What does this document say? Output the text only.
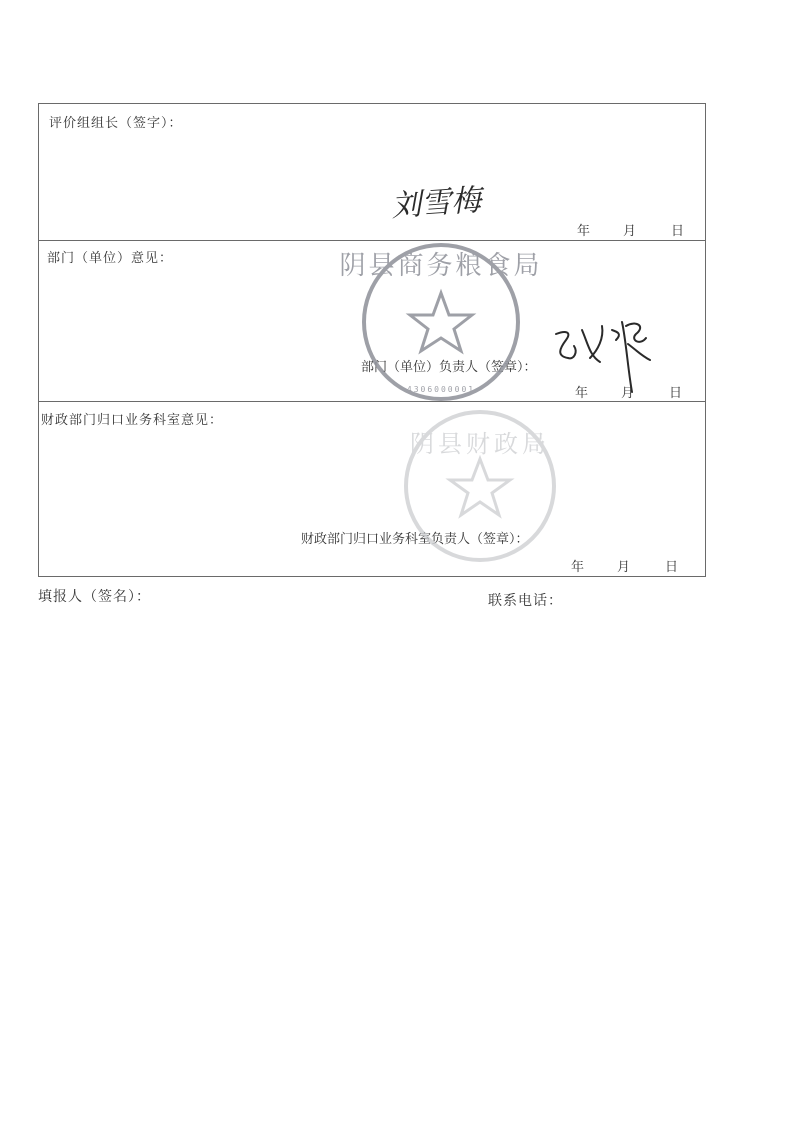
评价组组长（签字）：
刘雪梅
年	月	日
部门（单位）意见：
部门（单位）负责人（签章）：
年	月	日
财政部门归口业务科室意见：
财政部门归口业务科室负责人（签章）：
年	月	日
阴县商务粮食局
4306000001
阴县财政局
填报人（签名）：	联系电话：
